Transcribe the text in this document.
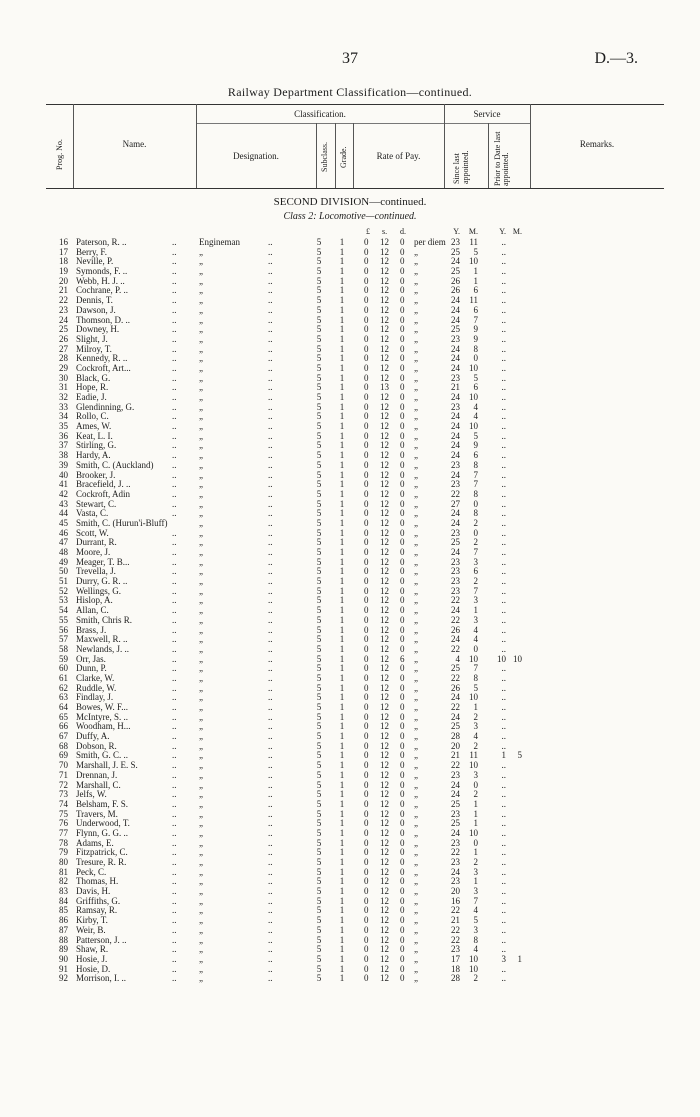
37	D.—3.
Railway Department Classification—continued.
Prog. No.	Name.
Classification.
Designation.	Subclass. Grade.	Rate of Pay.
Service
Since last appointed.	Prior to Date last appointed.
Remarks.
SECOND DIVISION—continued.
Class 2: Locomotive—continued.
£ s. d.	Y.	M.	Y. M.
16 Paterson, R. ..	..	Engineman	..	5	1	0 12 0 per diem 23	11	..
17 Berry, F.	..	„	..	5	1	0 12 0 „	25	5	..
18 Neville, P.	..	„	..	5	1	0 12 0 „	24	10	..
19 Symonds, F. ..	..	„	..	5	1	0 12 0 „	25	1	..
20 Webb, H. J. ..	..	„	..	5	1	0 12 0 „	26	1	..
21 Cochrane, P. ..	..	„	..	5	1	0 12 0 „	26	6	..
22 Dennis, T.	..	„	..	5	1	0 12 0 „	24	11	..
23 Dawson, J.	..	„	..	5	1	0 12 0 „	24	6	..
24 Thomson, D. ..	..	„	..	5	1	0 12 0 „	24	7	..
25 Downey, H.	..	„	..	5	1	0 12 0 „	25	9	..
26 Slight, J.	..	„	..	5	1	0 12 0 „	23	9	..
27 Milroy, T.	..	„	..	5	1	0 12 0 „	24	8	..
28 Kennedy, R. ..	..	„	..	5	1	0 12 0 „	24	0	..
29 Cockroft, Art...	..	„	..	5	1	0 12 0 „	24	10	..
30 Black, G.	..	„	..	5	1	0 12 0 „	23	5	..
31 Hope, R.	..	„	..	5	1	0 13 0 „	21	6	..
32 Eadie, J.	..	„	..	5	1	0 12 0 „	24	10	..
33 Glendinning, G.	..	„	..	5	1	0 12 0 „	23	4	..
34 Rollo, C.	..	„	..	5	1	0 12 0 „	24	4	..
35 Ames, W.	..	„	..	5	1	0 12 0 „	24	10	..
36 Keat, L. I.	..	„	..	5	1	0 12 0 „	24	5	..
37 Stirling, G.	..	„	..	5	1	0 12 0 „	24	9	..
38 Hardy, A.	..	„	..	5	1	0 12 0 „	24	6	..
39 Smith, C. (Auckland) ..	„	..	5	1	0 12 0 „	23	8	..
40 Brooker, J.	..	„	..	5	1	0 12 0 „	24	7	..
41 Bracefield, J. ..	..	„	..	5	1	0 12 0 „	23	7	..
42 Cockroft, Adin	..	„	..	5	1	0 12 0 „	22	8	..
43 Stewart, C.	..	„	..	5	1	0 12 0 „	27	0	..
44 Vasta, C.	..	„	..	5	1	0 12 0 „	24	8	..
45 Smith, C. (Hurun'i-Bluff)	„	..	5	1	0 12 0 „	24	2	..
46 Scott, W.	..	„	..	5	1	0 12 0 „	23	0	..
47 Durrant, R.	..	„	..	5	1	0 12 0 „	25	2	..
48 Moore, J.	..	„	..	5	1	0 12 0 „	24	7	..
49 Meager, T. B...	..	„	..	5	1	0 12 0 „	23	3	..
50 Trevella, J.	..	„	..	5	1	0 12 0 „	23	6	..
51 Durry, G. R. ..	..	„	..	5	1	0 12 0 „	23	2	..
52 Wellings, G.	..	„	..	5	1	0 12 0 „	23	7	..
53 Hislop, A.	..	„	..	5	1	0 12 0 „	22	3	..
54 Allan, C.	..	„	..	5	1	0 12 0 „	24	1	..
55 Smith, Chris R.	..	„	..	5	1	0 12 0 „	22	3	..
56 Brass, J.	..	„	..	5	1	0 12 0 „	26	4	..
57 Maxwell, R. ..	..	„	..	5	1	0 12 0 „	24	4	..
58 Newlands, J. ..	..	„	..	5	1	0 12 0 „	22	0	..
59 Orr, Jas.	..	„	..	5	1	0 12 6 „	4	10	10 10
60 Dunn, P.	..	„	..	5	1	0 12 0 „	25	7	..
61 Clarke, W.	..	„	..	5	1	0 12 0 „	22	8	..
62 Ruddle, W.	..	„	..	5	1	0 12 0 „	26	5	..
63 Findlay, J.	..	„	..	5	1	0 12 0 „	24	10	..
64 Bowes, W. F...	..	„	..	5	1	0 12 0 „	22	1	..
65 McIntyre, S. ..	..	„	..	5	1	0 12 0 „	24	2	..
66 Woodham, H...	..	„	..	5	1	0 12 0 „	25	3	..
67 Duffy, A.	..	„	..	5	1	0 12 0 „	28	4	..
68 Dobson, R.	..	„	..	5	1	0 12 0 „	20	2	..
69 Smith, G. C. ..	..	„	..	5	1	0 12 0 „	21	11	1	5
70 Marshall, J. E. S.	..	„	..	5	1	0 12 0 „	22	10	..
71 Drennan, J.	..	„	..	5	1	0 12 0 „	23	3	..
72 Marshall, C.	..	„	..	5	1	0 12 0 „	24	0	..
73 Jelfs, W.	..	„	..	5	1	0 12 0 „	24	2	..
74 Belsham, F. S.	..	„	..	5	1	0 12 0 „	25	1	..
75 Travers, M.	..	„	..	5	1	0 12 0 „	23	1	..
76 Underwood, T.	..	„	..	5	1	0 12 0 „	25	1	..
77 Flynn, G. G. ..	..	„	..	5	1	0 12 0 „	24	10	..
78 Adams, E.	..	„	..	5	1	0 12 0 „	23	0	..
79 Fitzpatrick, C.	..	„	..	5	1	0 12 0 „	22	1	..
80 Tresure, R. R.	..	„	..	5	1	0 12 0 „	23	2	..
81 Peck, C.	..	„	..	5	1	0 12 0 „	24	3	..
82 Thomas, H.	..	„	..	5	1	0 12 0 „	23	1	..
83 Davis, H.	..	„	..	5	1	0 12 0 „	20	3	..
84 Griffiths, G.	..	„	..	5	1	0 12 0 „	16	7	..
85 Ramsay, R.	..	„	..	5	1	0 12 0 „	22	4	..
86 Kirby, T.	..	„	..	5	1	0 12 0 „	21	5	..
87 Weir, B.	..	„	..	5	1	0 12 0 „	22	3	..
88 Patterson, J. ..	..	„	..	5	1	0 12 0 „	22	8	..
89 Shaw, R.	..	„	..	5	1	0 12 0 „	23	4	..
90 Hosie, J.	..	„	..	5	1	0 12 0 „	17	10	3	1
91 Hosie, D.	..	„	..	5	1	0 12 0 „	18	10	..
92 Morrison, I. ..	..	„	..	5	1	0 12 0 „	28	2	..
